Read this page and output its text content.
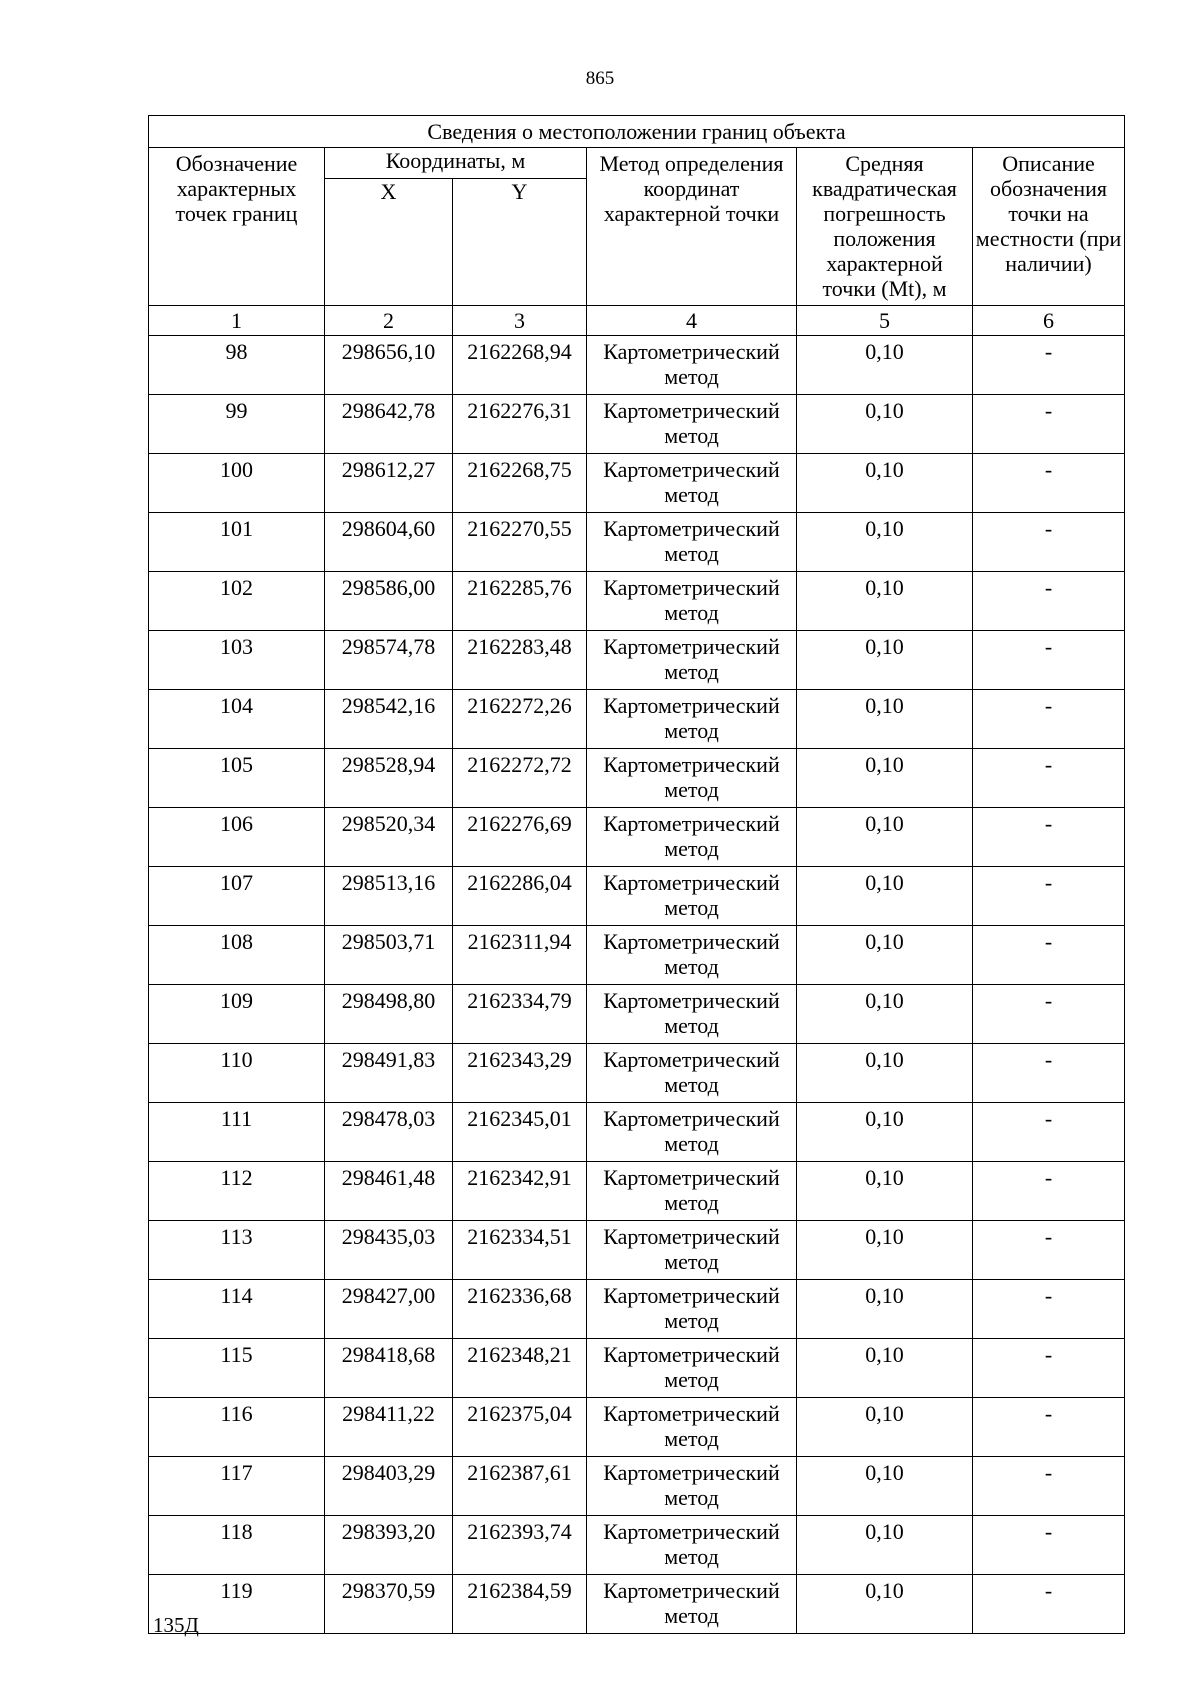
865
Сведения о местоположении границ объекта					
Обозначение характерных точек границ	Координаты, м		Метод определения координат характерной точки	Средняя квадратическая погрешность положения характерной точки (Mt), м	Описание обозначения точки на местности (при наличии)
	X	Y			
1	2	3	4	5	6
98	298656,10	2162268,94	Картометрический метод	0,10	-
99	298642,78	2162276,31	Картометрический метод	0,10	-
100	298612,27	2162268,75	Картометрический метод	0,10	-
101	298604,60	2162270,55	Картометрический метод	0,10	-
102	298586,00	2162285,76	Картометрический метод	0,10	-
103	298574,78	2162283,48	Картометрический метод	0,10	-
104	298542,16	2162272,26	Картометрический метод	0,10	-
105	298528,94	2162272,72	Картометрический метод	0,10	-
106	298520,34	2162276,69	Картометрический метод	0,10	-
107	298513,16	2162286,04	Картометрический метод	0,10	-
108	298503,71	2162311,94	Картометрический метод	0,10	-
109	298498,80	2162334,79	Картометрический метод	0,10	-
110	298491,83	2162343,29	Картометрический метод	0,10	-
111	298478,03	2162345,01	Картометрический метод	0,10	-
112	298461,48	2162342,91	Картометрический метод	0,10	-
113	298435,03	2162334,51	Картометрический метод	0,10	-
114	298427,00	2162336,68	Картометрический метод	0,10	-
115	298418,68	2162348,21	Картометрический метод	0,10	-
116	298411,22	2162375,04	Картометрический метод	0,10	-
117	298403,29	2162387,61	Картометрический метод	0,10	-
118	298393,20	2162393,74	Картометрический метод	0,10	-
119	298370,59	2162384,59	Картометрический метод	0,10	-
135Д
